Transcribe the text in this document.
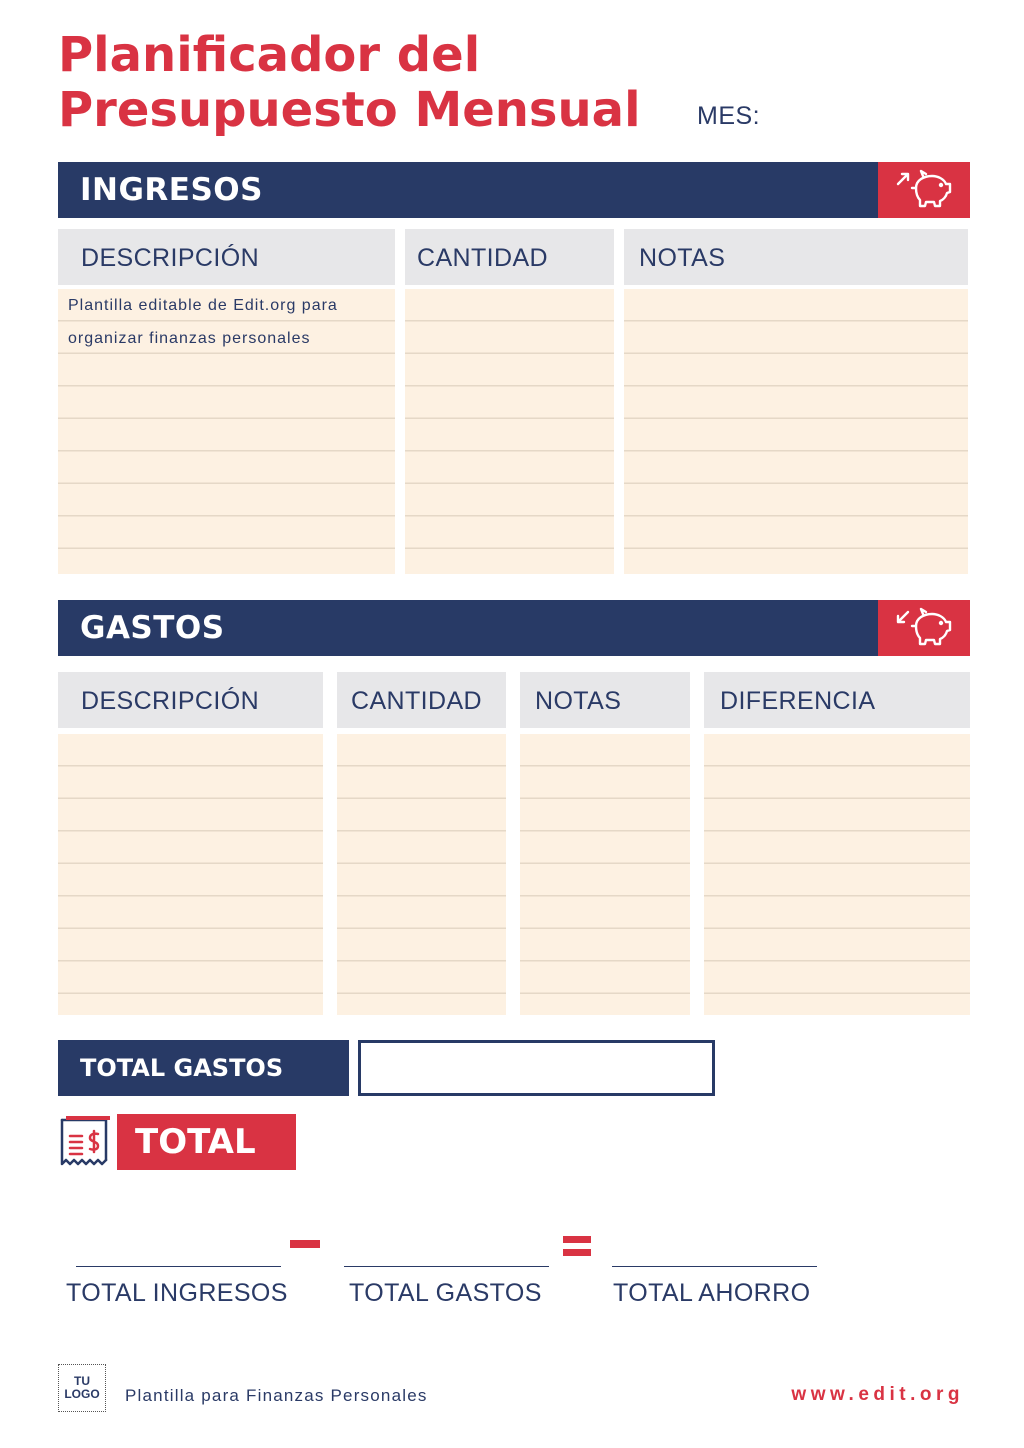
Planificador del
Presupuesto Mensual MES:
INGRESOS
DESCRIPCIÓN	CANTIDAD	NOTAS
Plantilla editable de Edit.org para
organizar finanzas personales
GASTOS
DESCRIPCIÓN	CANTIDAD	NOTAS	DIFERENCIA
TOTAL GASTOS
TOTAL
TOTAL INGRESOS TOTAL GASTOS	TOTAL AHORRO
TU
LOGO	Plantilla para Finanzas Personales	www.edit.org
